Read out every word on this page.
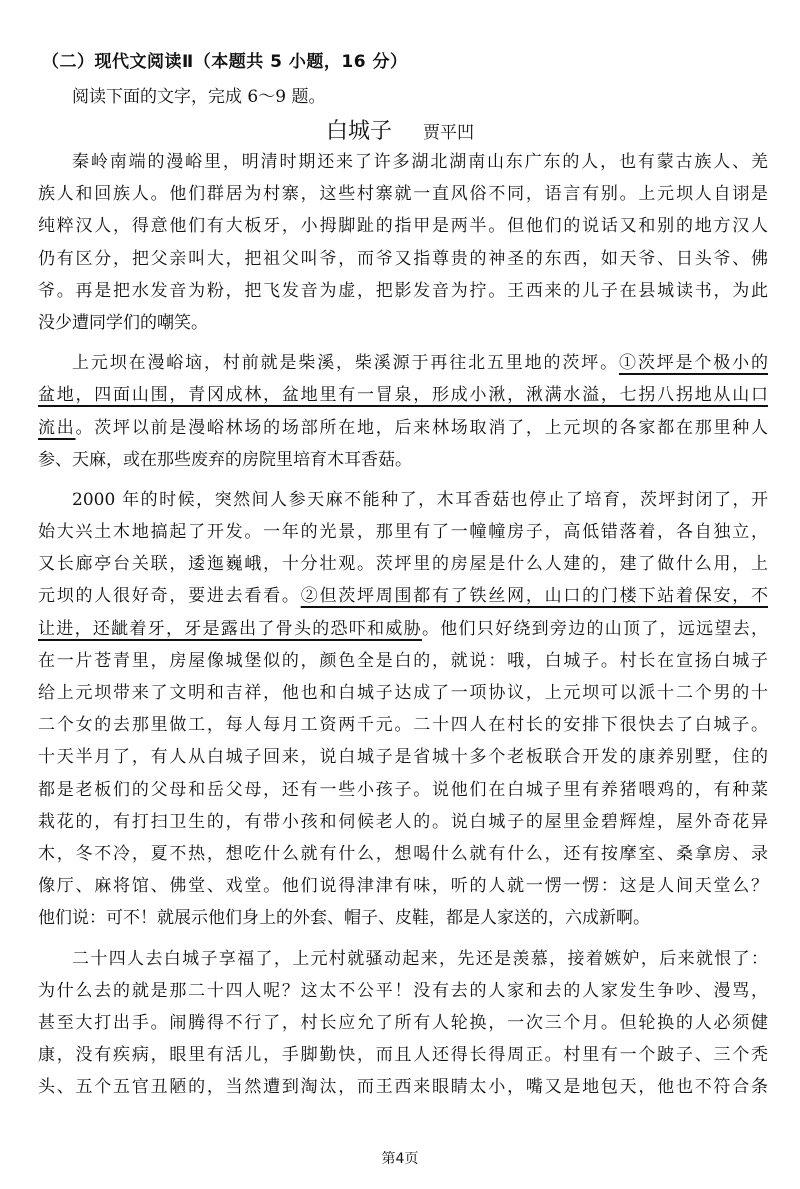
（二）现代文阅读Ⅱ（本题共 5 小题，16 分）
阅读下面的文字，完成 6～9 题。
白城子 贾平凹
秦岭南端的漫峪里，明清时期还来了许多湖北湖南山东广东的人，也有蒙古族人、羌
族人和回族人。他们群居为村寨，这些村寨就一直风俗不同，语言有别。上元坝人自诩是
纯粹汉人，得意他们有大板牙，小拇脚趾的指甲是两半。但他们的说话又和别的地方汉人
仍有区分，把父亲叫大，把祖父叫爷，而爷又指尊贵的神圣的东西，如天爷、日头爷、佛
爷。再是把水发音为粉，把飞发音为虚，把影发音为拧。王西来的儿子在县城读书，为此
没少遭同学们的嘲笑。
上元坝在漫峪垴，村前就是柴溪，柴溪源于再往北五里地的茨坪。①茨坪是个极小的
盆地，四面山围，青冈成林，盆地里有一冒泉，形成小湫，湫满水溢，七拐八拐地从山口
流出。茨坪以前是漫峪林场的场部所在地，后来林场取消了，上元坝的各家都在那里种人
参、天麻，或在那些废弃的房院里培育木耳香菇。
2000 年的时候，突然间人参天麻不能种了，木耳香菇也停止了培育，茨坪封闭了，开
始大兴土木地搞起了开发。一年的光景，那里有了一幢幢房子，高低错落着，各自独立，
又长廊亭台关联，逶迤巍峨，十分壮观。茨坪里的房屋是什么人建的，建了做什么用，上
元坝的人很好奇，要进去看看。②但茨坪周围都有了铁丝网，山口的门楼下站着保安，不
让进，还龇着牙，牙是露出了骨头的恐吓和威胁。他们只好绕到旁边的山顶了，远远望去，
在一片苍青里，房屋像城堡似的，颜色全是白的，就说：哦，白城子。村长在宣扬白城子
给上元坝带来了文明和吉祥，他也和白城子达成了一项协议，上元坝可以派十二个男的十
二个女的去那里做工，每人每月工资两千元。二十四人在村长的安排下很快去了白城子。
十天半月了，有人从白城子回来，说白城子是省城十多个老板联合开发的康养别墅，住的
都是老板们的父母和岳父母，还有一些小孩子。说他们在白城子里有养猪喂鸡的，有种菜
栽花的，有打扫卫生的，有带小孩和伺候老人的。说白城子的屋里金碧辉煌，屋外奇花异
木，冬不冷，夏不热，想吃什么就有什么，想喝什么就有什么，还有按摩室、桑拿房、录
像厅、麻将馆、佛堂、戏堂。他们说得津津有味，听的人就一愣一愣：这是人间天堂么？
他们说：可不！就展示他们身上的外套、帽子、皮鞋，都是人家送的，六成新啊。
二十四人去白城子享福了，上元村就骚动起来，先还是羡慕，接着嫉妒，后来就恨了：
为什么去的就是那二十四人呢？这太不公平！没有去的人家和去的人家发生争吵、漫骂，
甚至大打出手。闹腾得不行了，村长应允了所有人轮换，一次三个月。但轮换的人必须健
康，没有疾病，眼里有活儿，手脚勤快，而且人还得长得周正。村里有一个跛子、三个秃
头、五个五官丑陋的，当然遭到淘汰，而王西来眼睛太小，嘴又是地包天，他也不符合条
第4页
